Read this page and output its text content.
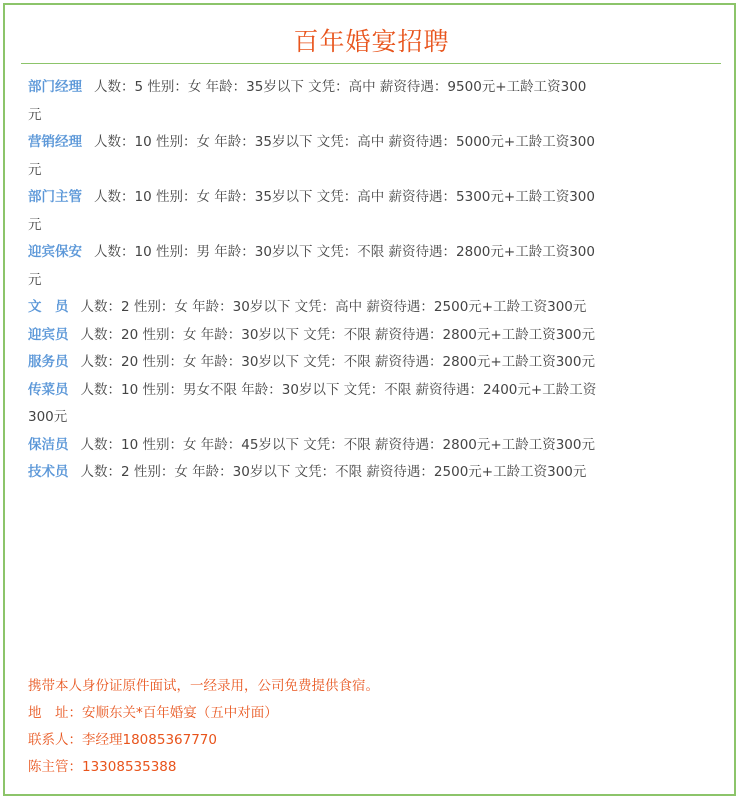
百年婚宴招聘
部门经理 人数：5 性别：女 年龄：35岁以下 文凭：高中 薪资待遇：9500元+工龄工资300元
营销经理 人数：10 性别：女 年龄：35岁以下 文凭：高中 薪资待遇：5000元+工龄工资300元
部门主管 人数：10 性别：女 年龄：35岁以下 文凭：高中 薪资待遇：5300元+工龄工资300元
迎宾保安 人数：10 性别：男 年龄：30岁以下 文凭：不限 薪资待遇：2800元+工龄工资300元
文　员 人数：2 性别：女 年龄：30岁以下 文凭：高中 薪资待遇：2500元+工龄工资300元
迎宾员 人数：20 性别：女 年龄：30岁以下 文凭：不限 薪资待遇：2800元+工龄工资300元
服务员 人数：20 性别：女 年龄：30岁以下 文凭：不限 薪资待遇：2800元+工龄工资300元
传菜员 人数：10 性别：男女不限 年龄：30岁以下 文凭：不限 薪资待遇：2400元+工龄工资300元
保洁员 人数：10 性别：女 年龄：45岁以下 文凭：不限 薪资待遇：2800元+工龄工资300元
技术员 人数：2 性别：女 年龄：30岁以下 文凭：不限 薪资待遇：2500元+工龄工资300元
携带本人身份证原件面试，一经录用，公司免费提供食宿。
地　址：安顺东关*百年婚宴（五中对面）
联系人：李经理18085367770
陈主管：13308535388
